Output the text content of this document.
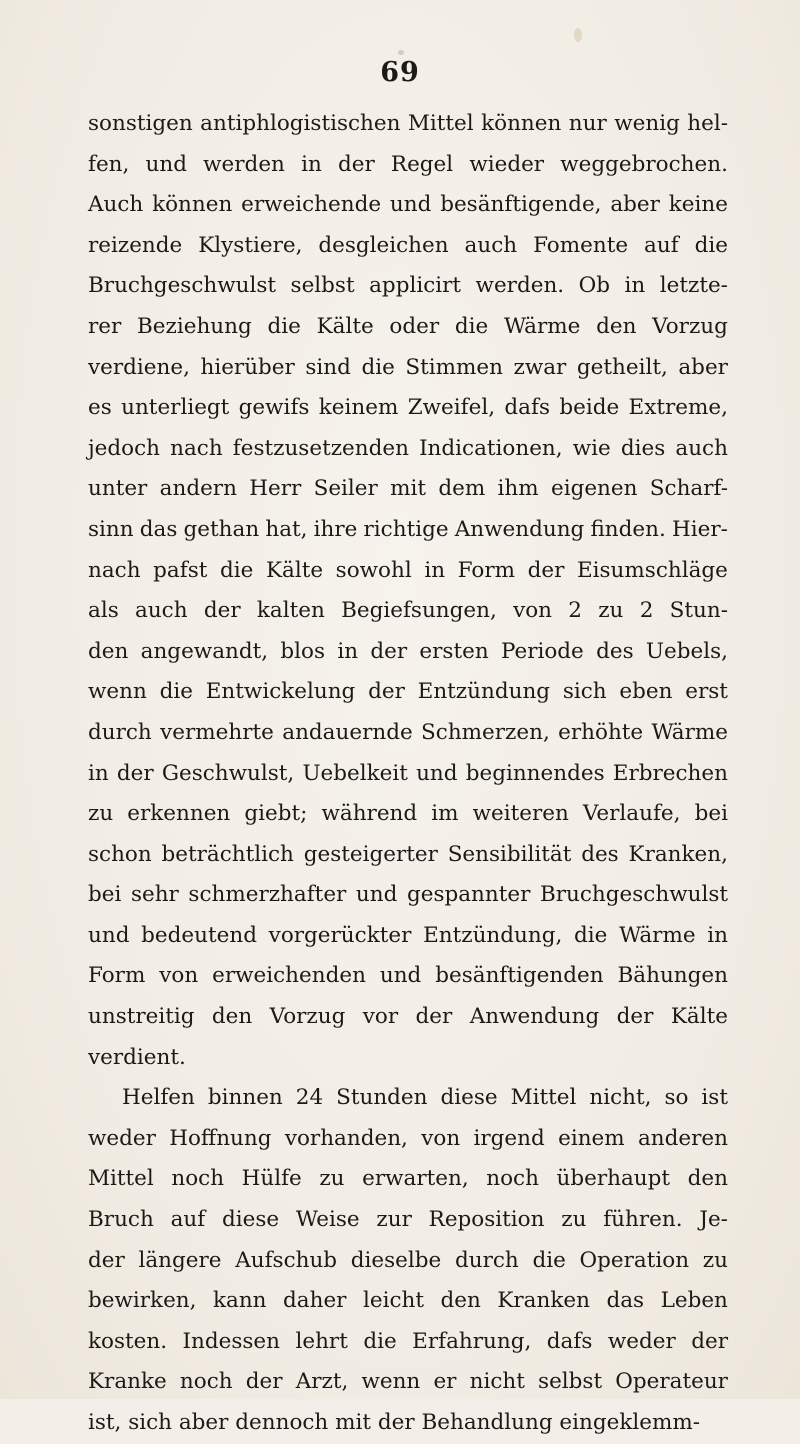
69
sonstigen antiphlogistischen Mittel können nur wenig hel-
fen, und werden in der Regel wieder weggebrochen.
Auch können erweichende und besänftigende, aber keine
reizende Klystiere, desgleichen auch Fomente auf die
Bruchgeschwulst selbst applicirt werden. Ob in letzte-
rer Beziehung die Kälte oder die Wärme den Vorzug
verdiene, hierüber sind die Stimmen zwar getheilt, aber
es unterliegt gewifs keinem Zweifel, dafs beide Extreme,
jedoch nach festzusetzenden Indicationen, wie dies auch
unter andern Herr Seiler mit dem ihm eigenen Scharf-
sinn das gethan hat, ihre richtige Anwendung finden. Hier-
nach pafst die Kälte sowohl in Form der Eisumschläge
als auch der kalten Begiefsungen, von 2 zu 2 Stun-
den angewandt, blos in der ersten Periode des Uebels,
wenn die Entwickelung der Entzündung sich eben erst
durch vermehrte andauernde Schmerzen, erhöhte Wärme
in der Geschwulst, Uebelkeit und beginnendes Erbrechen
zu erkennen giebt; während im weiteren Verlaufe, bei
schon beträchtlich gesteigerter Sensibilität des Kranken,
bei sehr schmerzhafter und gespannter Bruchgeschwulst
und bedeutend vorgerückter Entzündung, die Wärme in
Form von erweichenden und besänftigenden Bähungen
unstreitig den Vorzug vor der Anwendung der Kälte
verdient.
Helfen binnen 24 Stunden diese Mittel nicht, so ist
weder Hoffnung vorhanden, von irgend einem anderen
Mittel noch Hülfe zu erwarten, noch überhaupt den
Bruch auf diese Weise zur Reposition zu führen. Je-
der längere Aufschub dieselbe durch die Operation zu
bewirken, kann daher leicht den Kranken das Leben
kosten. Indessen lehrt die Erfahrung, dafs weder der
Kranke noch der Arzt, wenn er nicht selbst Operateur
ist, sich aber dennoch mit der Behandlung eingeklemm-
